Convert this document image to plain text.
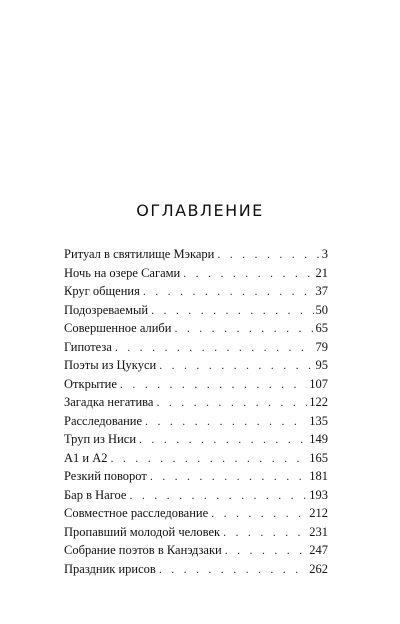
ОГЛАВЛЕНИЕ
Ритуал в святилище Мэкари . . .	3
Ночь на озере Сагами . . .	21
Круг общения . . .	37
Подозреваемый . . .	50
Совершенное алиби . . .	65
Гипотеза . . .	79
Поэты из Цукуси . . .	95
Открытие . . .	107
Загадка негатива . . .	122
Расследование . . .	135
Труп из Ниси . . .	149
А1 и А2 . . .	165
Резкий поворот . . .	181
Бар в Нагое . . .	193
Совместное расследование . . .	212
Пропавший молодой человек . . .	231
Собрание поэтов в Канэдзаки . . .	247
Праздник ирисов . . .	262
